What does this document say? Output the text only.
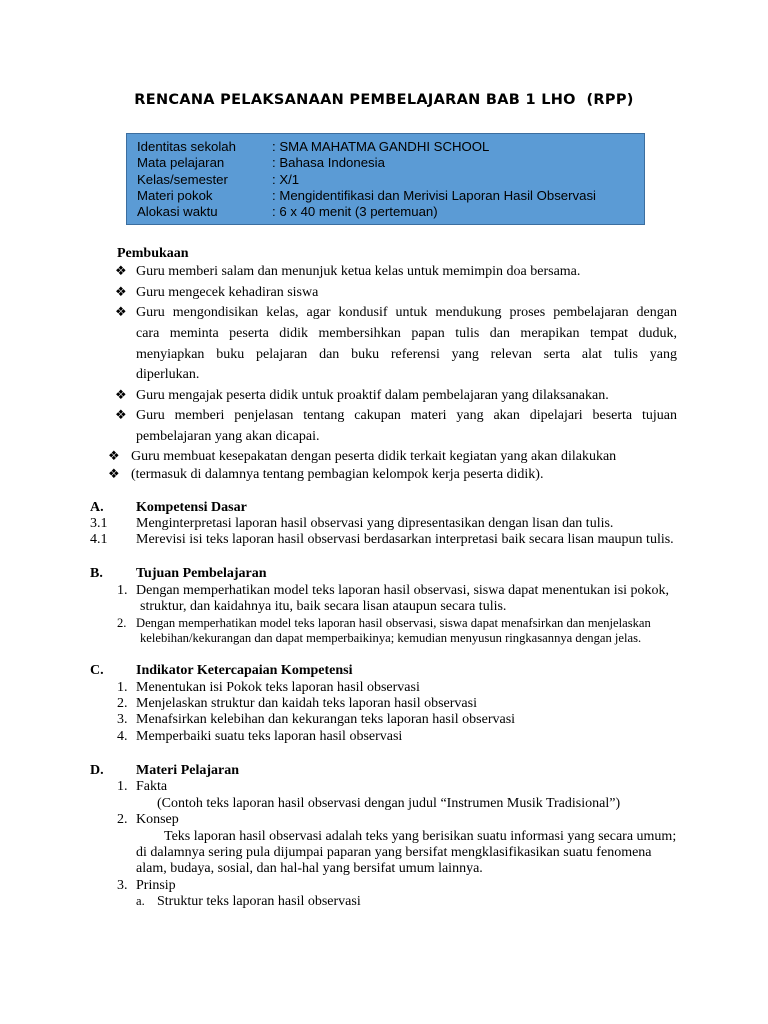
RENCANA PELAKSANAAN PEMBELAJARAN BAB 1 LHO  (RPP)
Identitas sekolah	: SMA MAHATMA GANDHI SCHOOL
Mata pelajaran	: Bahasa Indonesia
Kelas/semester	: X/1
Materi pokok	: Mengidentifikasi dan Merivisi Laporan Hasil Observasi
Alokasi waktu	: 6 x 40 menit (3 pertemuan)
Pembukaan
❖ Guru memberi salam dan menunjuk ketua kelas untuk memimpin doa bersama.
❖ Guru mengecek kehadiran siswa
❖ Guru mengondisikan kelas, agar kondusif untuk mendukung proses pembelajaran dengan
cara meminta peserta didik membersihkan papan tulis dan merapikan tempat duduk,
menyiapkan buku pelajaran dan buku referensi yang relevan serta alat tulis yang
diperlukan.
❖ Guru mengajak peserta didik untuk proaktif dalam pembelajaran yang dilaksanakan.
❖ Guru memberi penjelasan tentang cakupan materi yang akan dipelajari beserta tujuan
pembelajaran yang akan dicapai.
❖ Guru membuat kesepakatan dengan peserta didik terkait kegiatan yang akan dilakukan
❖ (termasuk di dalamnya tentang pembagian kelompok kerja peserta didik).
A. Kompetensi Dasar
3.1 Menginterpretasi laporan hasil observasi yang dipresentasikan dengan lisan dan tulis.
4.1 Merevisi isi teks laporan hasil observasi berdasarkan interpretasi baik secara lisan maupun tulis.
B. Tujuan Pembelajaran
1. Dengan memperhatikan model teks laporan hasil observasi, siswa dapat menentukan isi pokok,
struktur, dan kaidahnya itu, baik secara lisan ataupun secara tulis.
2. Dengan memperhatikan model teks laporan hasil observasi, siswa dapat menafsirkan dan menjelaskan
kelebihan/kekurangan dan dapat memperbaikinya; kemudian menyusun ringkasannya dengan jelas.
C. Indikator Ketercapaian Kompetensi
1. Menentukan isi Pokok teks laporan hasil observasi
2. Menjelaskan struktur dan kaidah teks laporan hasil observasi
3. Menafsirkan kelebihan dan kekurangan teks laporan hasil observasi
4. Memperbaiki suatu teks laporan hasil observasi
D. Materi Pelajaran
1. Fakta
(Contoh teks laporan hasil observasi dengan judul “Instrumen Musik Tradisional”)
2. Konsep
Teks laporan hasil observasi adalah teks yang berisikan suatu informasi yang secara umum;
di dalamnya sering pula dijumpai paparan yang bersifat mengklasifikasikan suatu fenomena
alam, budaya, sosial, dan hal-hal yang bersifat umum lainnya.
3. Prinsip
a. Struktur teks laporan hasil observasi
